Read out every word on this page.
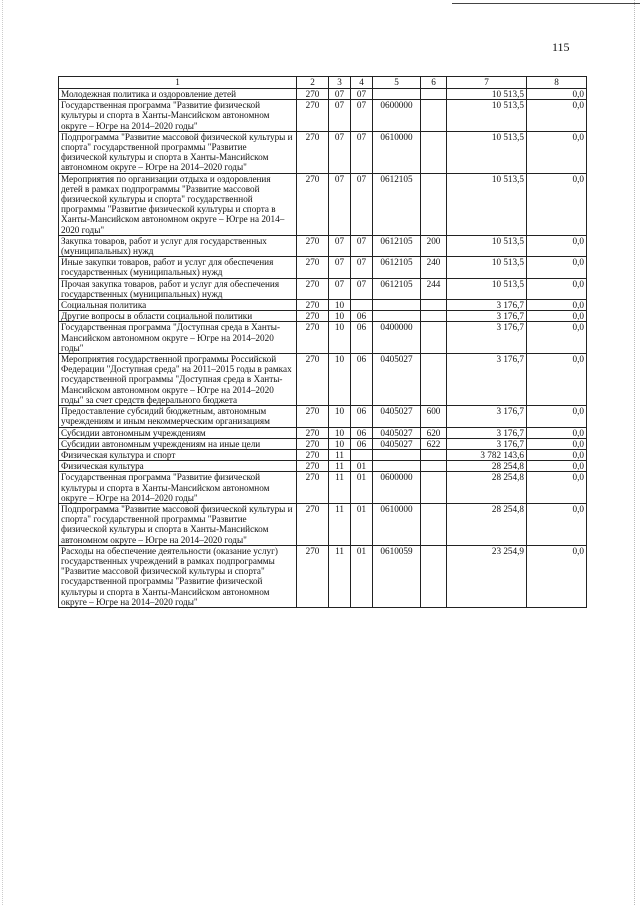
115
1	2	3	4	5	6	7	8
Молодежная политика и оздоровление детей	270	07	07			10 513,5	0,0
Государственная программа "Развитие физической культуры и спорта в Ханты-Мансийском автономном округе – Югре на 2014–2020 годы"	270	07	07	0600000		10 513,5	0,0
Подпрограмма "Развитие массовой физической культуры и спорта" государственной программы "Развитие физической культуры и спорта в Ханты-Мансийском автономном округе – Югре на 2014–2020 годы"	270	07	07	0610000		10 513,5	0,0
Мероприятия по организации отдыха и оздоровления детей в рамках подпрограммы "Развитие массовой физической культуры и спорта" государственной программы "Развитие физической культуры и спорта в Ханты-Мансийском автономном округе – Югре на 2014–2020 годы"	270	07	07	0612105		10 513,5	0,0
Закупка товаров, работ и услуг для государственных (муниципальных) нужд	270	07	07	0612105	200	10 513,5	0,0
Иные закупки товаров, работ и услуг для обеспечения государственных (муниципальных) нужд	270	07	07	0612105	240	10 513,5	0,0
Прочая закупка товаров, работ и услуг для обеспечения государственных (муниципальных) нужд	270	07	07	0612105	244	10 513,5	0,0
Социальная политика	270	10				3 176,7	0,0
Другие вопросы в области социальной политики	270	10	06			3 176,7	0,0
Государственная программа "Доступная среда в Ханты-Мансийском автономном округе – Югре на 2014–2020 годы"	270	10	06	0400000		3 176,7	0,0
Мероприятия государственной программы Российской Федерации "Доступная среда" на 2011–2015 годы в рамках государственной программы "Доступная среда в Ханты-Мансийском автономном округе – Югре на 2014–2020 годы" за счет средств федерального бюджета	270	10	06	0405027		3 176,7	0,0
Предоставление субсидий бюджетным, автономным учреждениям и иным некоммерческим организациям	270	10	06	0405027	600	3 176,7	0,0
Субсидии автономным учреждениям	270	10	06	0405027	620	3 176,7	0,0
Субсидии автономным учреждениям на иные цели	270	10	06	0405027	622	3 176,7	0,0
Физическая культура и спорт	270	11				3 782 143,6	0,0
Физическая культура	270	11	01			28 254,8	0,0
Государственная программа "Развитие физической культуры и спорта в Ханты-Мансийском автономном округе – Югре на 2014–2020 годы"	270	11	01	0600000		28 254,8	0,0
Подпрограмма "Развитие массовой физической культуры и спорта" государственной программы "Развитие физической культуры и спорта в Ханты-Мансийском автономном округе – Югре на 2014–2020 годы"	270	11	01	0610000		28 254,8	0,0
Расходы на обеспечение деятельности (оказание услуг) государственных учреждений в рамках подпрограммы "Развитие массовой физической культуры и спорта" государственной программы "Развитие физической культуры и спорта в Ханты-Мансийском автономном округе – Югре на 2014–2020 годы"	270	11	01	0610059		23 254,9	0,0
